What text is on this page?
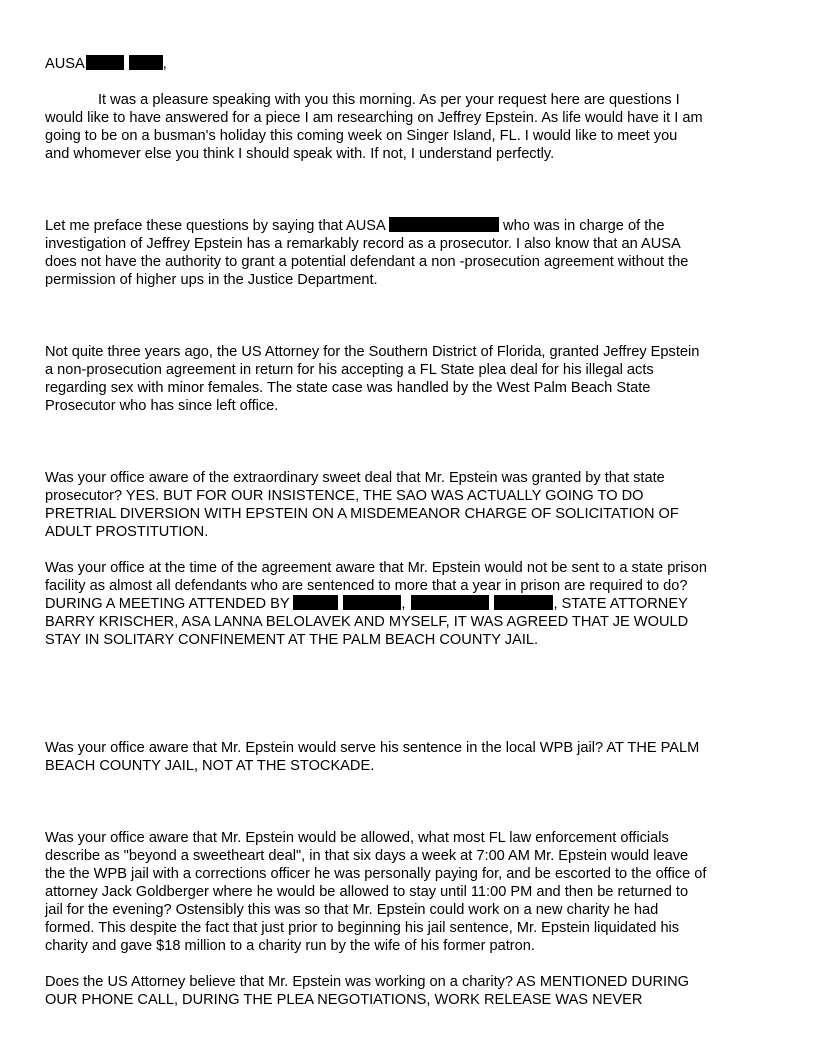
AUSA	,

It was a pleasure speaking with you this morning. As per your request here are questions I
would like to have answered for a piece I am researching on Jeffrey Epstein. As life would have it I am
going to be on a busman's holiday this coming week on Singer Island, FL. I would like to meet you
and whomever else you think I should speak with. If not, I understand perfectly.

Let me preface these questions by saying that AUSA	who was in charge of the
investigation of Jeffrey Epstein has a remarkably record as a prosecutor. I also know that an AUSA
does not have the authority to grant a potential defendant a non -prosecution agreement without the
permission of higher ups in the Justice Department.

Not quite three years ago, the US Attorney for the Southern District of Florida, granted Jeffrey Epstein
a non-prosecution agreement in return for his accepting a FL State plea deal for his illegal acts
regarding sex with minor females. The state case was handled by the West Palm Beach State
Prosecutor who has since left office.

Was your office aware of the extraordinary sweet deal that Mr. Epstein was granted by that state
prosecutor? YES. BUT FOR OUR INSISTENCE, THE SAO WAS ACTUALLY GOING TO DO
PRETRIAL DIVERSION WITH EPSTEIN ON A MISDEMEANOR CHARGE OF SOLICITATION OF
ADULT PROSTITUTION.

Was your office at the time of the agreement aware that Mr. Epstein would not be sent to a state prison
facility as almost all defendants who are sentenced to more that a year in prison are required to do?
DURING A MEETING ATTENDED BY	,	, STATE ATTORNEY
BARRY KRISCHER, ASA LANNA BELOLAVEK AND MYSELF, IT WAS AGREED THAT JE WOULD
STAY IN SOLITARY CONFINEMENT AT THE PALM BEACH COUNTY JAIL.

Was your office aware that Mr. Epstein would serve his sentence in the local WPB jail? AT THE PALM
BEACH COUNTY JAIL, NOT AT THE STOCKADE.

Was your office aware that Mr. Epstein would be allowed, what most FL law enforcement officials
describe as "beyond a sweetheart deal", in that six days a week at 7:00 AM Mr. Epstein would leave
the the WPB jail with a corrections officer he was personally paying for, and be escorted to the office of
attorney Jack Goldberger where he would be allowed to stay until 11:00 PM and then be returned to
jail for the evening? Ostensibly this was so that Mr. Epstein could work on a new charity he had
formed. This despite the fact that just prior to beginning his jail sentence, Mr. Epstein liquidated his
charity and gave $18 million to a charity run by the wife of his former patron.

Does the US Attorney believe that Mr. Epstein was working on a charity? AS MENTIONED DURING
OUR PHONE CALL, DURING THE PLEA NEGOTIATIONS, WORK RELEASE WAS NEVER
